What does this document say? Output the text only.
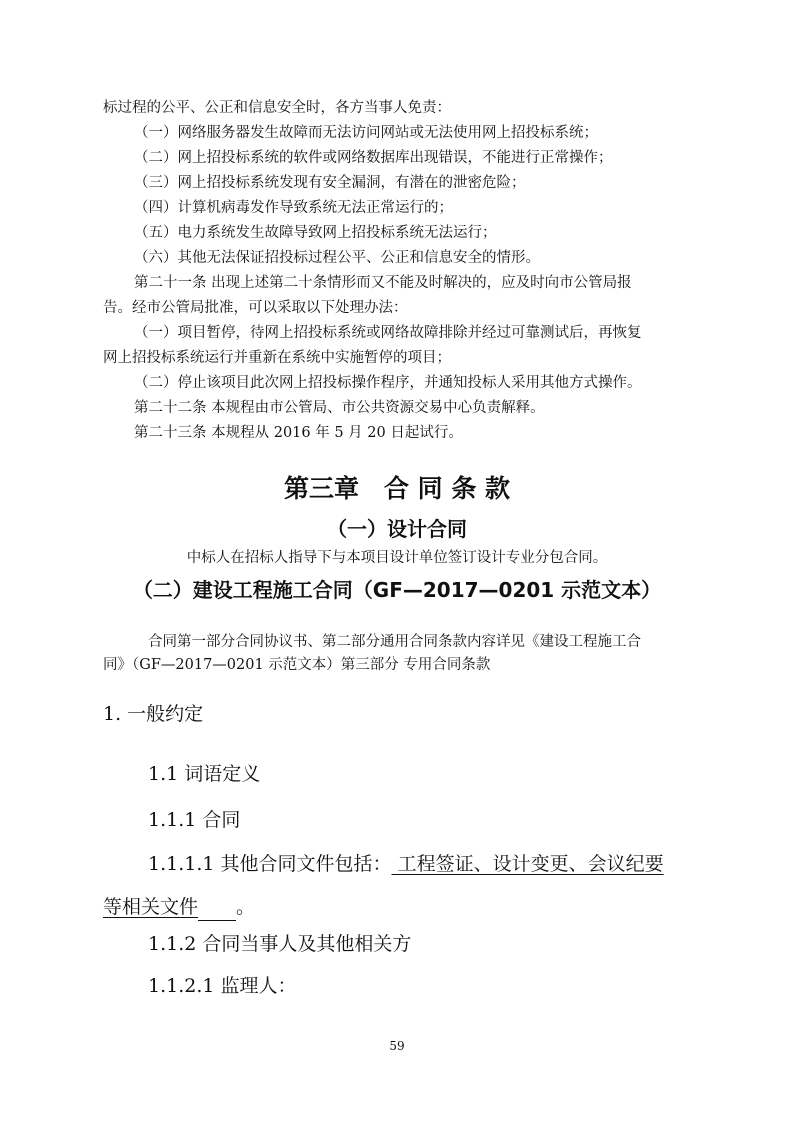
标过程的公平、公正和信息安全时，各方当事人免责：
（一）网络服务器发生故障而无法访问网站或无法使用网上招投标系统；
（二）网上招投标系统的软件或网络数据库出现错误，不能进行正常操作；
（三）网上招投标系统发现有安全漏洞，有潜在的泄密危险；
（四）计算机病毒发作导致系统无法正常运行的；
（五）电力系统发生故障导致网上招投标系统无法运行；
（六）其他无法保证招投标过程公平、公正和信息安全的情形。
第二十一条 出现上述第二十条情形而又不能及时解决的，应及时向市公管局报
告。经市公管局批准，可以采取以下处理办法：
（一）项目暂停，待网上招投标系统或网络故障排除并经过可靠测试后，再恢复
网上招投标系统运行并重新在系统中实施暂停的项目；
（二）停止该项目此次网上招投标操作程序，并通知投标人采用其他方式操作。
第二十二条 本规程由市公管局、市公共资源交易中心负责解释。
第二十三条 本规程从 2016 年 5 月 20 日起试行。
第三章　合 同 条 款
（一）设计合同
中标人在招标人指导下与本项目设计单位签订设计专业分包合同。
（二）建设工程施工合同（GF—2017—0201 示范文本）
合同第一部分合同协议书、第二部分通用合同条款内容详见《建设工程施工合
同》（GF—2017—0201 示范文本）第三部分 专用合同条款
1. 一般约定
1.1 词语定义
1.1.1 合同
1.1.1.1 其他合同文件包括： 工程签证、设计变更、会议纪要
等相关文件 。
1.1.2 合同当事人及其他相关方
1.1.2.1 监理人：
59
